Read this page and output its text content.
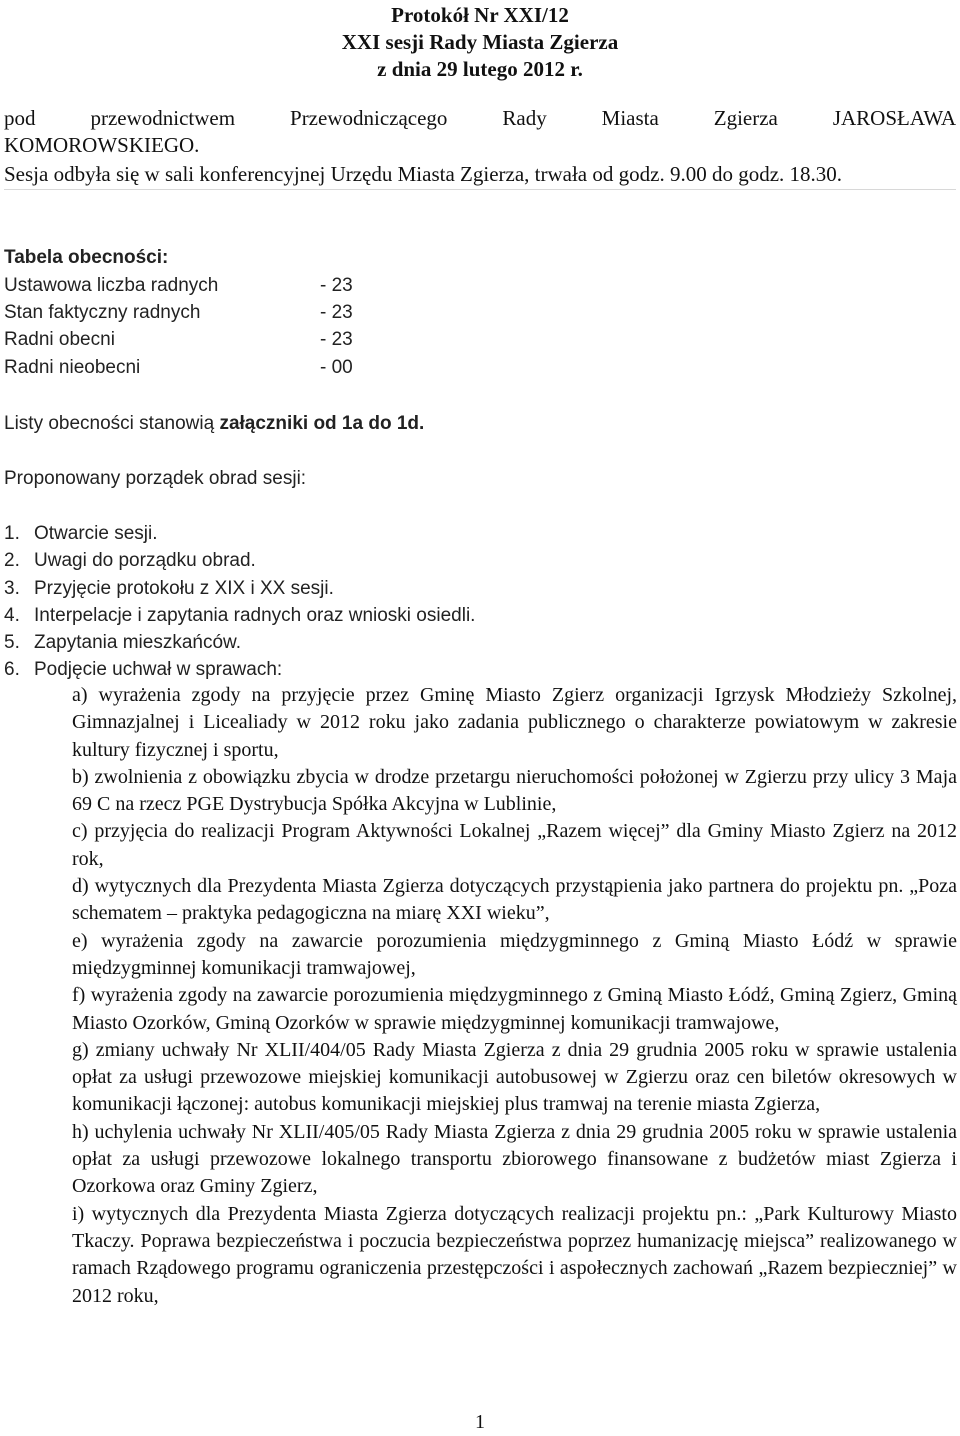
Protokół Nr XXI/12
XXI sesji Rady Miasta Zgierza
z dnia 29 lutego 2012 r.
pod przewodnictwem Przewodniczącego Rady Miasta Zgierza JAROSŁAWA
KOMOROWSKIEGO.
Sesja odbyła się w sali konferencyjnej Urzędu Miasta Zgierza, trwała od godz. 9.00 do godz. 18.30.
Tabela obecności:
Ustawowa liczba radnych	- 23
Stan faktyczny radnych	- 23
Radni obecni	- 23
Radni nieobecni	- 00
Listy obecności stanowią załączniki od 1a do 1d.
Proponowany porządek obrad sesji:
1. Otwarcie sesji.
2. Uwagi do porządku obrad.
3. Przyjęcie protokołu z XIX i XX sesji.
4. Interpelacje i zapytania radnych oraz wnioski osiedli.
5. Zapytania mieszkańców.
6. Podjęcie uchwał w sprawach:

a) wyrażenia zgody na przyjęcie przez Gminę Miasto Zgierz organizacji Igrzysk Młodzieży Szkolnej, Gimnazjalnej i Licealiady w 2012 roku jako zadania publicznego o charakterze powiatowym w zakresie kultury fizycznej i sportu,

b) zwolnienia z obowiązku zbycia w drodze przetargu nieruchomości położonej w Zgierzu przy ulicy 3 Maja 69 C na rzecz PGE Dystrybucja Spółka Akcyjna w Lublinie,

c) przyjęcia do realizacji Program Aktywności Lokalnej „Razem więcej” dla Gminy Miasto Zgierz na 2012 rok,

d) wytycznych dla Prezydenta Miasta Zgierza dotyczących przystąpienia jako partnera do projektu pn. „Poza schematem – praktyka pedagogiczna na miarę XXI wieku”,

e) wyrażenia zgody na zawarcie porozumienia międzygminnego z Gminą Miasto Łódź w sprawie międzygminnej komunikacji tramwajowej,

f) wyrażenia zgody na zawarcie porozumienia międzygminnego z Gminą Miasto Łódź, Gminą Zgierz, Gminą Miasto Ozorków, Gminą Ozorków w sprawie międzygminnej komunikacji tramwajowe,

g) zmiany uchwały Nr XLII/404/05 Rady Miasta Zgierza z dnia 29 grudnia 2005 roku w sprawie ustalenia opłat za usługi przewozowe miejskiej komunikacji autobusowej w Zgierzu oraz cen biletów okresowych w komunikacji łączonej: autobus komunikacji miejskiej plus tramwaj na terenie miasta Zgierza,

h) uchylenia uchwały Nr XLII/405/05 Rady Miasta Zgierza z dnia 29 grudnia 2005 roku w sprawie ustalenia opłat za usługi przewozowe lokalnego transportu zbiorowego finansowane z budżetów miast Zgierza i Ozorkowa oraz Gminy Zgierz,

i) wytycznych dla Prezydenta Miasta Zgierza dotyczących realizacji projektu pn.: „Park Kulturowy Miasto Tkaczy. Poprawa bezpieczeństwa i poczucia bezpieczeństwa poprzez humanizację miejsca” realizowanego w ramach Rządowego programu ograniczenia przestępczości i aspołecznych zachowań „Razem bezpieczniej” w 2012 roku,

1
